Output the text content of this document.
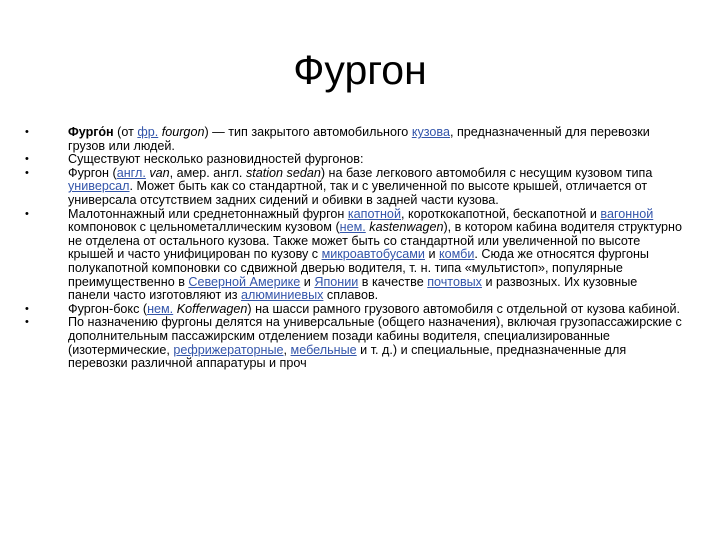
Фургон
•	Фурго́н (от фр. fourgon) — тип закрытого автомобильного кузова, предназначенный для перевозки грузов или людей.
•	Существуют несколько разновидностей фургонов:
•	Фургон (англ. van, амер. англ. station sedan) на базе легкового автомобиля с несущим кузовом типа универсал. Может быть как со стандартной, так и с увеличенной по высоте крышей, отличается от универсала отсутствием задних сидений и обивки в задней части кузова.
•	Малотоннажный или среднетоннажный фургон капотной, короткокапотной, бескапотной и вагонной компоновок с цельнометаллическим кузовом (нем. kastenwagen), в котором кабина водителя структурно не отделена от остального кузова. Также может быть со стандартной или увеличенной по высоте крышей и часто унифицирован по кузову с микроавтобусами и комби. Сюда же относятся фургоны полукапотной компоновки со сдвижной дверью водителя, т. н. типа «мультистоп», популярные преимущественно в Северной Америке и Японии в качестве почтовых и развозных. Их кузовные панели часто изготовляют из алюминиевых сплавов.
•	Фургон-бокс (нем. Kofferwagen) на шасси рамного грузового автомобиля с отдельной от кузова кабиной.
•	По назначению фургоны делятся на универсальные (общего назначения), включая грузопассажирские с дополнительным пассажирским отделением позади кабины водителя, специализированные (изотермические, рефрижераторные, мебельные и т. д.) и специальные, предназначенные для перевозки различной аппаратуры и проч
